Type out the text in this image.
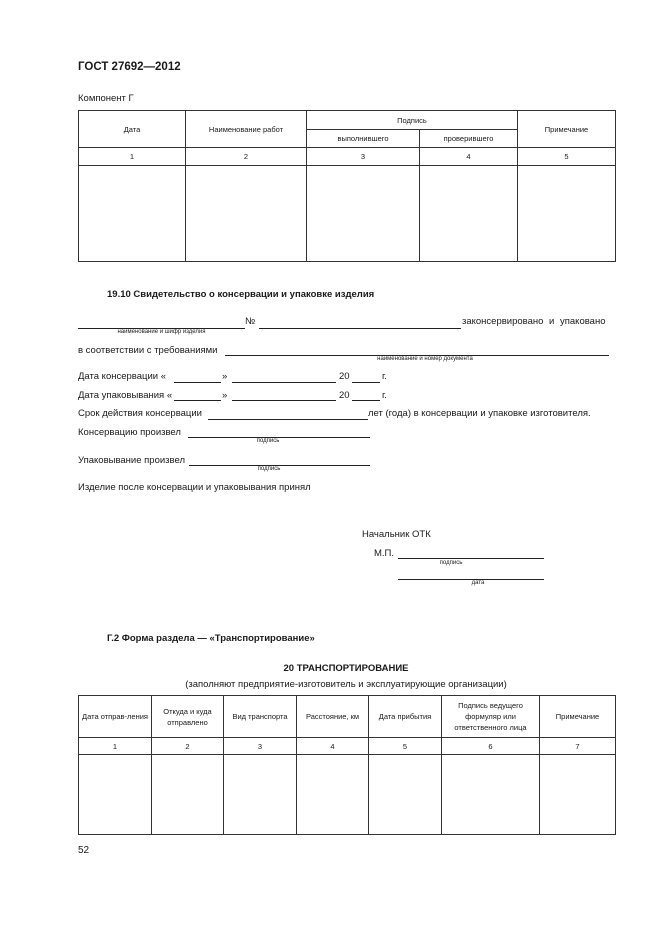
ГОСТ 27692—2012
Компонент Г
Дата	Наименование работ	Подпись		Примечание
		выполнившего	проверившего	
1	2	3	4	5

19.10 Свидетельство о консервации и упаковке изделия
№	законсервировано и упаковано
наименование и шифр изделия
в соответствии с требованиями
наименование и номер документа
Дата консервации «	»	20	г.
Дата упаковывания «	»	20	г.
Срок действия консервации	лет (года) в консервации и упаковке изготовителя.
Консервацию произвел
подпись
Упаковывание произвел
подпись
Изделие после консервации и упаковывания принял
Начальник ОТК
М.П.
подпись
дата
Г.2 Форма раздела — «Транспортирование»
20 ТРАНСПОРТИРОВАНИЕ
(заполняют предприятие-изготовитель и эксплуатирующие организации)
Дата отправ-ления	Откуда и куда отправлено	Вид транспорта	Расстояние, км	Дата прибытия	Подпись ведущего формуляр или ответственного лица	Примечание
1	2	3	4	5	6	7

52
